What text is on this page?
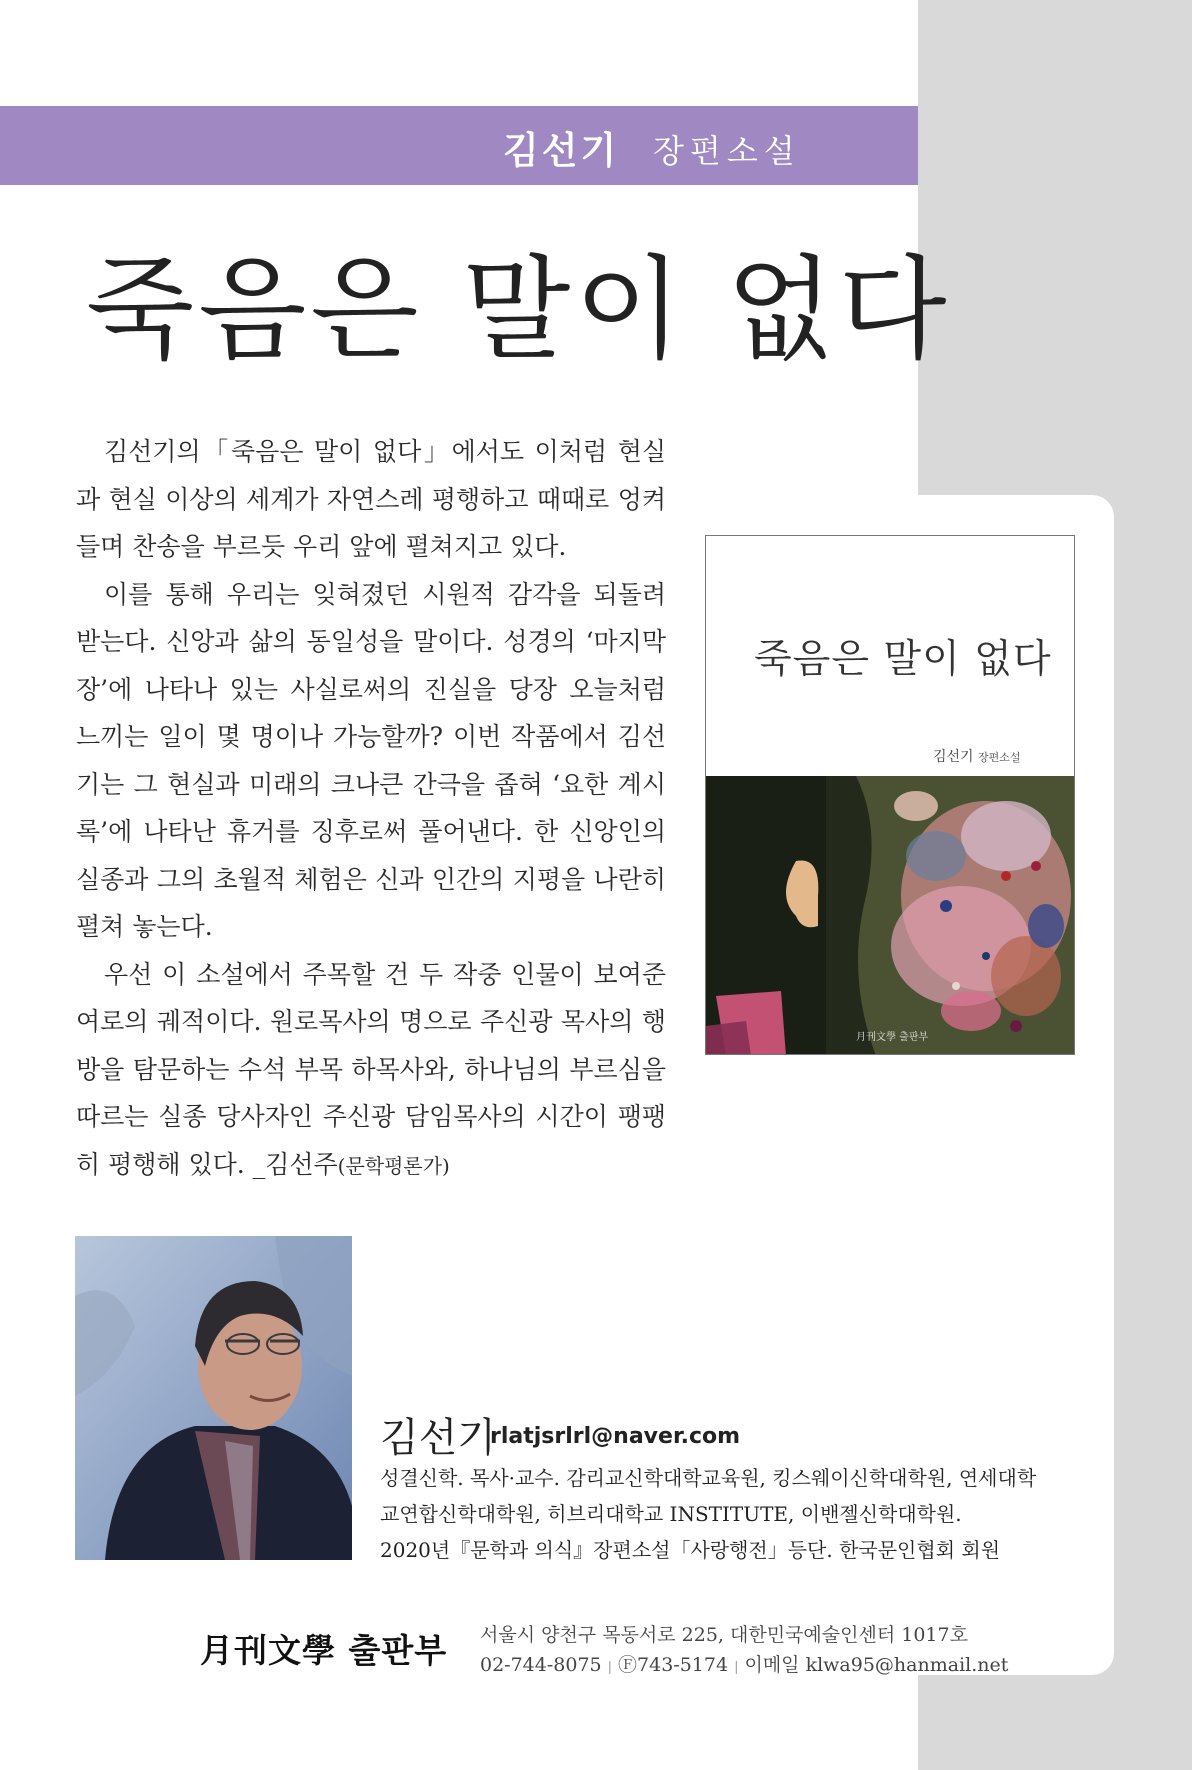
김선기 장편소설
죽음은 말이 없다

김선기의「죽음은 말이 없다」에서도 이처럼 현실과 현실 이상의 세계가 자연스레 평행하고 때때로 엉켜들며 찬송을 부르듯 우리 앞에 펼쳐지고 있다.

이를 통해 우리는 잊혀졌던 시원적 감각을 되돌려 받는다. 신앙과 삶의 동일성을 말이다. 성경의 ‘마지막 장’에 나타나 있는 사실로써의 진실을 당장 오늘처럼 느끼는 일이 몇 명이나 가능할까? 이번 작품에서 김선기는 그 현실과 미래의 크나큰 간극을 좁혀 ‘요한 계시록’에 나타난 휴거를 징후로써 풀어낸다. 한 신앙인의 실종과 그의 초월적 체험은 신과 인간의 지평을 나란히 펼쳐 놓는다.

우선 이 소설에서 주목할 건 두 작중 인물이 보여준 여로의 궤적이다. 원로목사의 명으로 주신광 목사의 행방을 탐문하는 수석 부목 하목사와, 하나님의 부르심을 따르는 실종 당사자인 주신광 담임목사의 시간이 팽팽히 평행해 있다. _김선주(문학평론가)

죽음은 말이 없다
김선기 장편소설
月刊文學 출판부
김선기
rlatjsrlrl@naver.com
성결신학. 목사·교수. 감리교신학대학교육원, 킹스웨이신학대학원, 연세대학
교연합신학대학원, 히브리대학교 INSTITUTE, 이밴젤신학대학원.
2020년『문학과 의식』장편소설「사랑행전」등단. 한국문인협회 회원
月刊文學 출판부 서울시 양천구 목동서로 225, 대한민국예술인센터 1017호
02-744-8075 | Ⓕ743-5174 | 이메일 klwa95@hanmail.net
